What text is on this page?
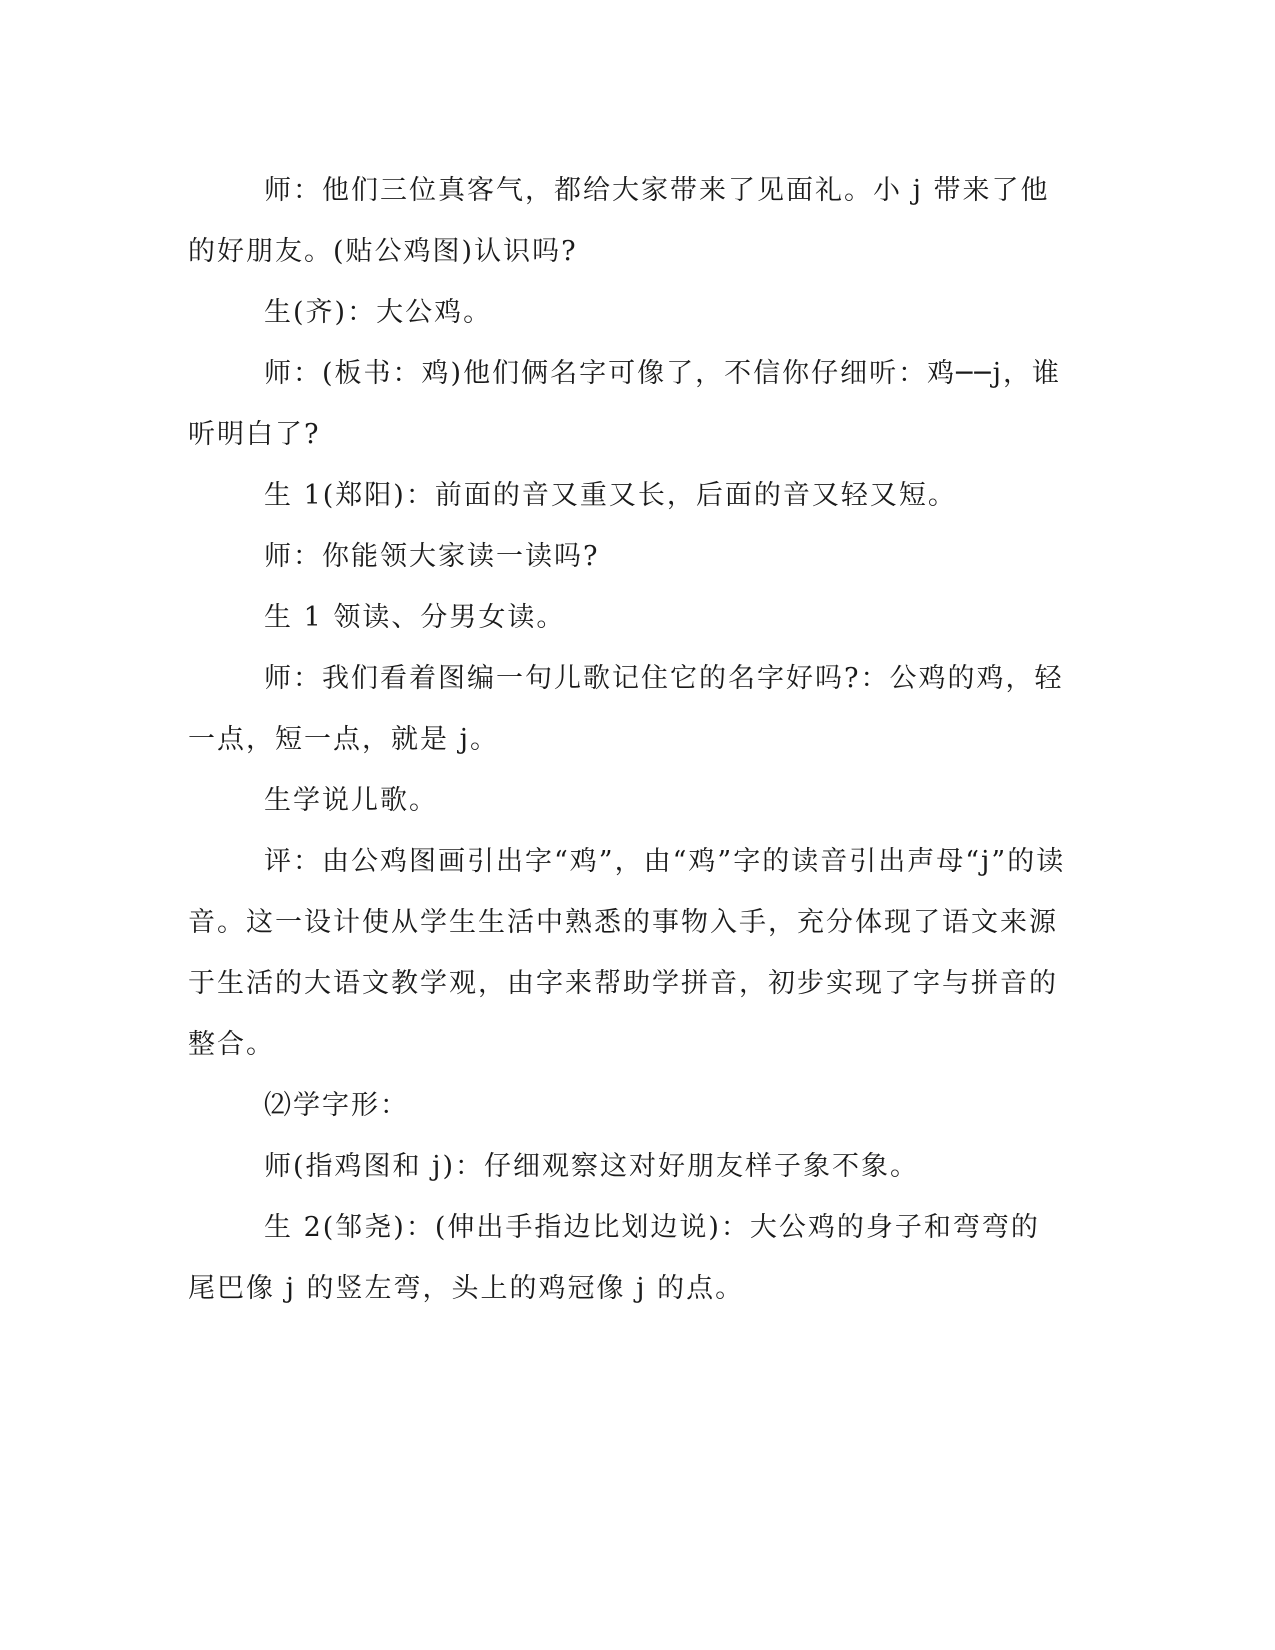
师：他们三位真客气，都给大家带来了见面礼。小 j 带来了他的好朋友。(贴公鸡图)认识吗?

生(齐)：大公鸡。

师：(板书：鸡)他们俩名字可像了，不信你仔细听：鸡──j，谁听明白了?

生 1(郑阳)：前面的音又重又长，后面的音又轻又短。

师：你能领大家读一读吗?

生 1 领读、分男女读。

师：我们看着图编一句儿歌记住它的名字好吗?：公鸡的鸡，轻一点，短一点，就是 j。

生学说儿歌。

评：由公鸡图画引出字“鸡”，由“鸡”字的读音引出声母“j”的读音。这一设计使从学生生活中熟悉的事物入手，充分体现了语文来源于生活的大语文教学观，由字来帮助学拼音，初步实现了字与拼音的整合。

⑵学字形：

师(指鸡图和 j)：仔细观察这对好朋友样子象不象。

生 2(邹尧)：(伸出手指边比划边说)：大公鸡的身子和弯弯的尾巴像 j 的竖左弯，头上的鸡冠像 j 的点。
